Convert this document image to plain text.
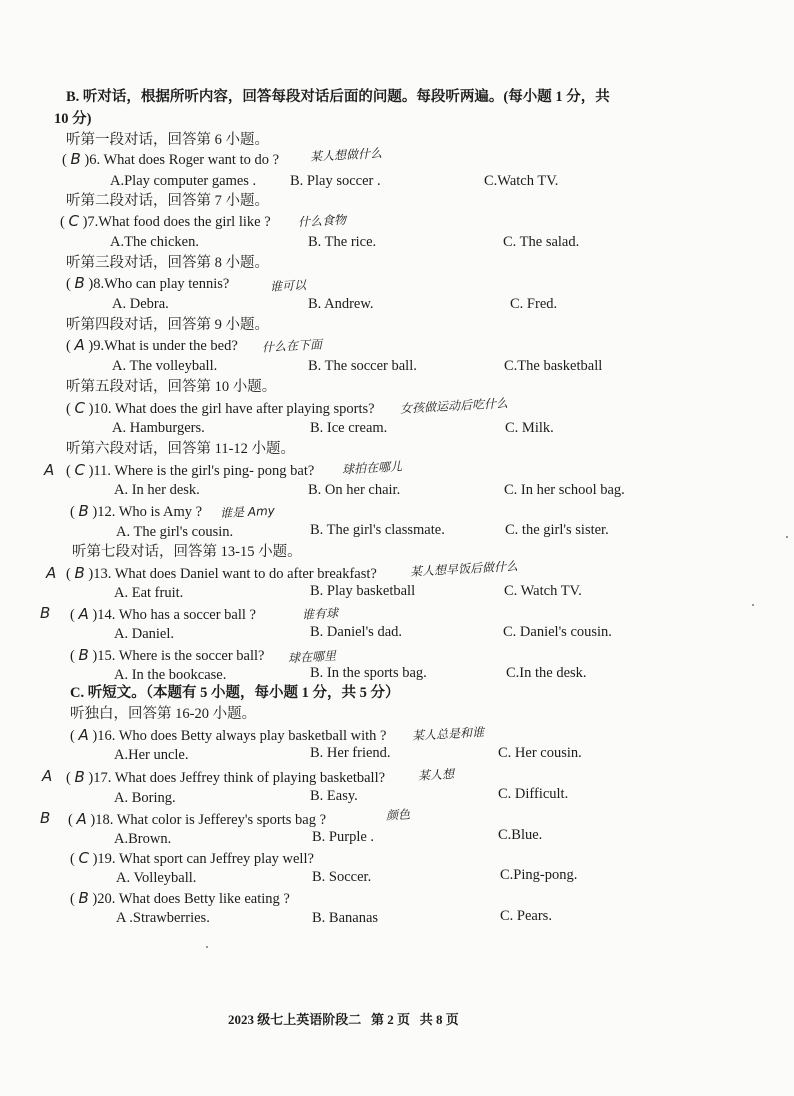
B. 听对话，根据所听内容，回答每段对话后面的问题。每段听两遍。(每小题 1 分，共
10 分)
听第一段对话，回答第 6 小题。
( B )6. What does Roger want to do ?	某人想做什么
A.Play computer games . B. Play soccer .	C.Watch TV.
听第二段对话，回答第 7 小题。
( C )7.What food does the girl like ? 什么食物
A.The chicken.	B. The rice.	C. The salad.
听第三段对话，回答第 8 小题。
( B )8.Who can play tennis?	谁可以
A. Debra.	B. Andrew.	C. Fred.
听第四段对话，回答第 9 小题。
( A )9.What is under the bed? 什么在下面
A. The volleyball.	B. The soccer ball.	C.The basketball
听第五段对话，回答第 10 小题。
( C )10. What does the girl have after playing sports? 女孩做运动后吃什么
A. Hamburgers.	B. Ice cream.	C. Milk.
听第六段对话，回答第 11-12 小题。
A ( C )11. Where is the girl's ping- pong bat? 球拍在哪儿
A. In her desk.	B. On her chair.	C. In her school bag.
( B )12. Who is Amy ? 谁是 Amy
A. The girl's cousin.	B. The girl's classmate.	C. the girl's sister.
听第七段对话，回答第 13-15 小题。
A ( B )13. What does Daniel want to do after breakfast?	某人想早饭后做什么
A. Eat fruit.	B. Play basketball	C. Watch TV.
B ( A )14. Who has a soccer ball ?	谁有球
A. Daniel.	B. Daniel's dad.	C. Daniel's cousin.
( B )15. Where is the soccer ball? 球在哪里
A. In the bookcase.	B. In the sports bag.	C.In the desk.
C. 听短文。（本题有 5 小题，每小题 1 分，共 5 分）
听独白，回答第 16-20 小题。
( A )16. Who does Betty always play basketball with ? 某人总是和谁
A.Her uncle.	B. Her friend.	C. Her cousin.
A ( B )17. What does Jeffrey think of playing basketball?	某人想
A. Boring.	B. Easy.	C. Difficult.
B ( A )18. What color is Jefferey's sports bag ?	颜色
A.Brown.	B. Purple .	C.Blue.
( C )19. What sport can Jeffrey play well?
A. Volleyball.	B. Soccer.	C.Ping-pong.
( B )20. What does Betty like eating ?
A .Strawberries.	B. Bananas	C. Pears.
2023 级七上英语阶段二 第 2 页 共 8 页
